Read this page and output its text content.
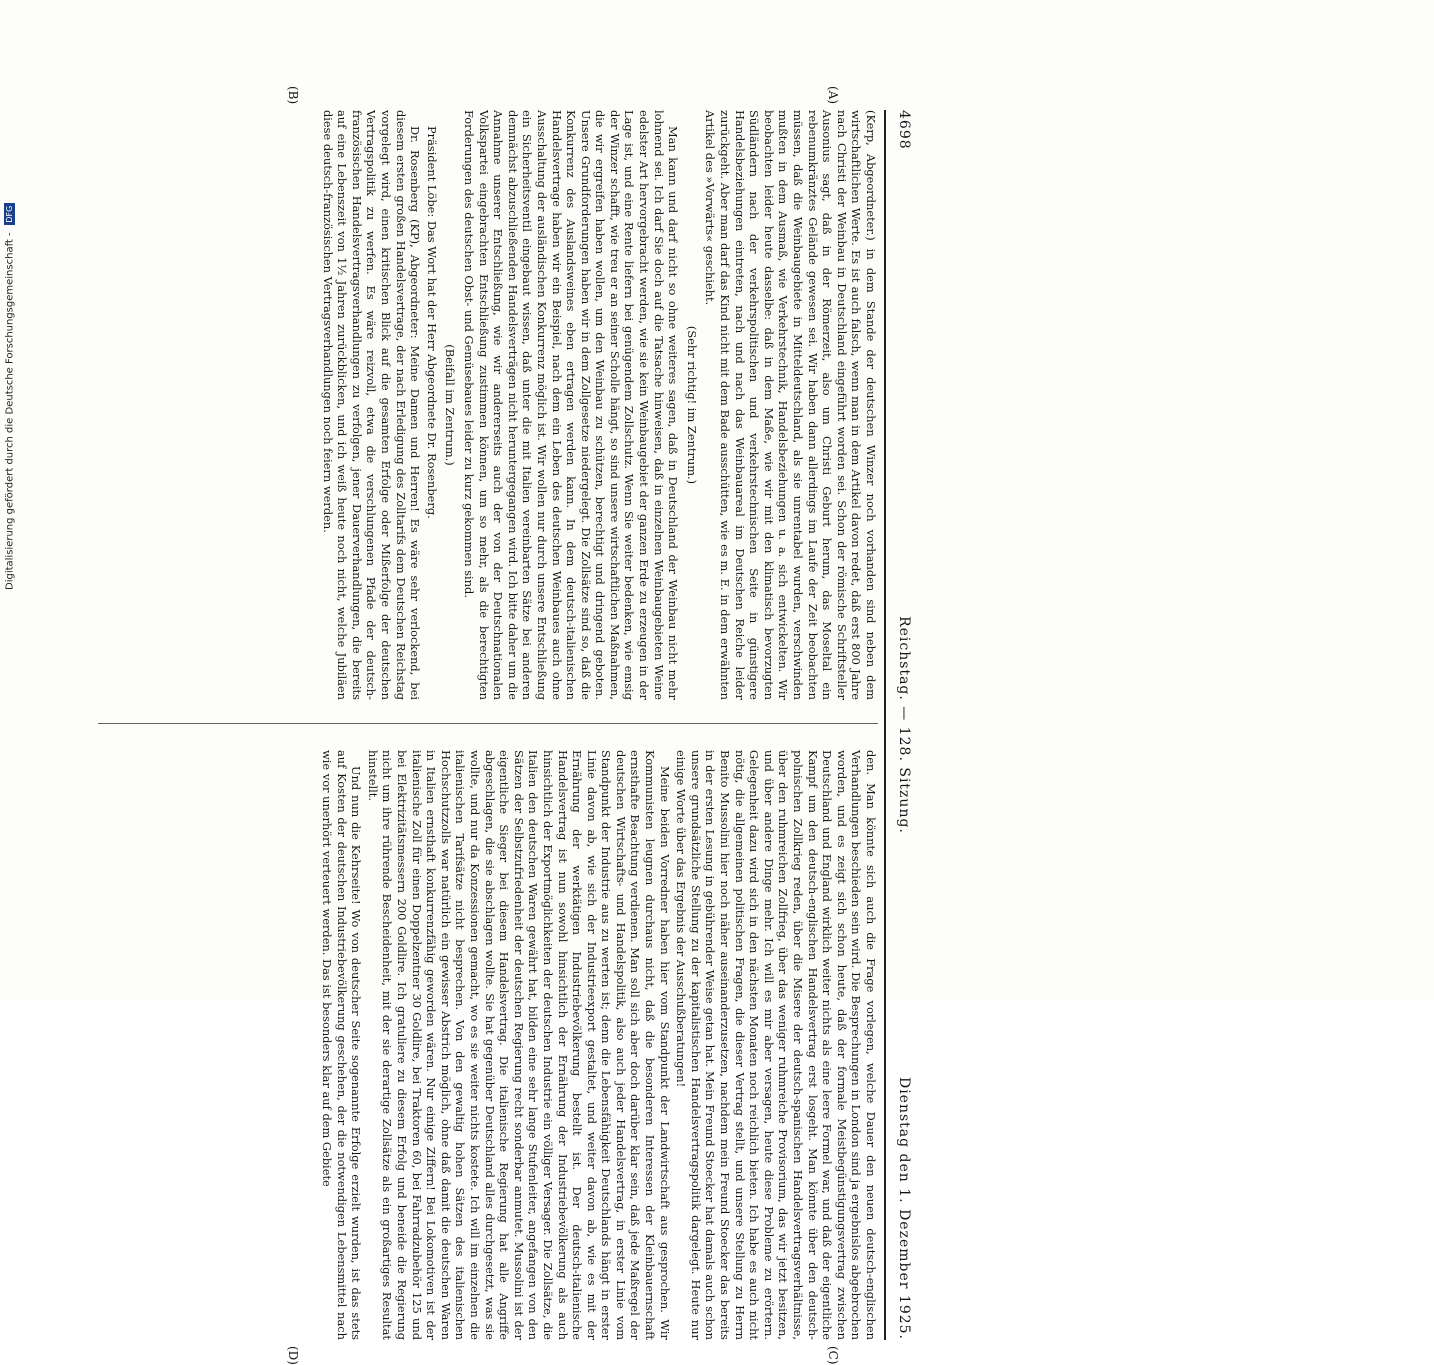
4698
Reichstag. — 128. Sitzung.
Dienstag den 1. Dezember 1925.
(A)
(B)
(C)
(D)

(Kerp, Abgeordneter.) in dem Stande der deutschen Winzer noch vorhanden sind neben dem wirtschaftlichen Werte. Es ist auch falsch, wenn man in dem Artikel davon redet, daß erst 800 Jahre nach Christi der Weinbau in Deutschland eingeführt worden sei. Schon der römische Schriftsteller Ausonius sagt, daß in der Römerzeit, also um Christi Geburt herum, das Moseltal ein rebenumkränztes Gelände gewesen sei. Wir haben dann allerdings im Laufe der Zeit beobachten müssen, daß die Weinbaugebiete in Mitteldeutschland, als sie unrentabel wurden, verschwinden mußten in dem Ausmaß, wie Verkehrstechnik, Handelsbeziehungen u. a. sich entwickelten. Wir beobachten leider heute dasselbe: daß in dem Maße, wie wir mit den klimatisch bevorzugten Südländern nach der verkehrspolitischen und verkehrstechnischen Seite in günstigere Handelsbeziehungen eintreten, nach und nach das Weinbauareal im Deutschen Reiche leider zurückgeht. Aber man darf das Kind nicht mit dem Bade ausschütten, wie es m. E. in dem erwähnten Artikel des »Vorwärts« geschieht.

(Sehr richtig! im Zentrum.)

Man kann und darf nicht so ohne weiteres sagen, daß in Deutschland der Weinbau nicht mehr lohnend sei. Ich darf Sie doch auf die Tatsache hinweisen, daß in einzelnen Weinbaugebieten Weine edelster Art hervorgebracht werden, wie sie kein Weinbaugebiet der ganzen Erde zu erzeugen in der Lage ist, und eine Rente liefern bei genügendem Zollschutz. Wenn Sie weiter bedenken, wie emsig der Winzer schafft, wie treu er an seiner Scholle hängt, so sind unsere wirtschaftlichen Maßnahmen, die wir ergreifen haben wollen, um den Weinbau zu schützen, berechtigt und dringend geboten. Unsere Grundforderungen haben wir in dem Zollgesetze niedergelegt. Die Zollsätze sind so, daß die Konkurrenz des Auslandsweines eben ertragen werden kann. In dem deutsch-italienischen Handelsvertrage haben wir ein Beispiel, nach dem ein Leben des deutschen Weinbaues auch ohne Ausschaltung der ausländischen Konkurrenz möglich ist. Wir wollen nur durch unsere Entschließung ein Sicherheitsventil eingebaut wissen, daß unter die mit Italien vereinbarten Sätze bei anderen demnächst abzuschließenden Handelsverträgen nicht heruntergegangen wird. Ich bitte daher um die Annahme unserer Entschließung, wie wir andererseits auch der von der Deutschnationalen Volkspartei eingebrachten Entschließung zustimmen können, um so mehr, als die berechtigten Forderungen des deutschen Obst- und Gemüsebaues leider zu kurz gekommen sind.

(Beifall im Zentrum.)

Präsident Löbe: Das Wort hat der Herr Abgeordnete Dr. Rosenberg.

Dr. Rosenberg (KP), Abgeordneter: Meine Damen und Herren! Es wäre sehr verlockend, bei diesem ersten großen Handelsvertrage, der nach Erledigung des Zolltarifs dem Deutschen Reichstag vorgelegt wird, einen kritischen Blick auf die gesamten Erfolge oder Mißerfolge der deutschen Vertragspolitik zu werfen. Es wäre reizvoll, etwa die verschlungenen Pfade der deutsch-französischen Handelsvertragsverhandlungen zu verfolgen, jener Dauerverhandlungen, die bereits auf eine Lebenszeit von 1½ Jahren zurückblicken, und ich weiß heute noch nicht, welche Jubiläen diese deutsch-französischen Vertragsverhandlungen noch feiern werden.

den. Man könnte sich auch die Frage vorlegen, welche Dauer den neuen deutsch-englischen Verhandlungen beschieden sein wird. Die Besprechungen in London sind ja ergebnislos abgebrochen worden, und es zeigt sich schon heute, daß der formale Meistbegünstigungsvertrag zwischen Deutschland und England wirklich weiter nichts als eine leere Formel war, und daß der eigentliche Kampf um den deutsch-englischen Handelsvertrag erst losgeht. Man könnte über den deutsch-polnischen Zollkrieg reden, über die Misere der deutsch-spanischen Handelsvertragsverhältnisse, über den ruhmreichen Zollfrieg, über das weniger ruhmreiche Provisorium, das wir jetzt besitzen, und über andere Dinge mehr. Ich will es mir aber versagen, heute diese Probleme zu erörtern. Gelegenheit dazu wird sich in den nächsten Monaten noch reichlich bieten. Ich habe es auch nicht nötig, die allgemeinen politischen Fragen, die dieser Vertrag stellt, und unsere Stellung zu Herrn Benito Mussolini hier noch näher auseinanderzusetzen, nachdem mein Freund Stoecker das bereits in der ersten Lesung in gebührender Weise getan hat. Mein Freund Stoecker hat damals auch schon unsere grundsätzliche Stellung zu der kapitalistischen Handelsvertragspolitik dargelegt. Heute nur einige Worte über das Ergebnis der Ausschußberatungen!

Meine beiden Vorredner haben hier vom Standpunkt der Landwirtschaft aus gesprochen. Wir Kommunisten leugnen durchaus nicht, daß die besonderen Interessen der Kleinbauernschaft ernsthafte Beachtung verdienen. Man soll sich aber doch darüber klar sein, daß jede Maßregel der deutschen Wirtschafts- und Handelspolitik, also auch jeder Handelsvertrag, in erster Linie vom Standpunkt der Industrie aus zu werten ist; denn die Lebensfähigkeit Deutschlands hängt in erster Linie davon ab, wie sich der Industrieexport gestaltet, und weiter davon ab, wie es mit der Ernährung der werktätigen Industriebevölkerung bestellt ist. Der deutsch-italienische Handelsvertrag ist nun sowohl hinsichtlich der Ernährung der Industriebevölkerung als auch hinsichtlich der Exportmöglichkeiten der deutschen Industrie ein völliger Versager. Die Zollsätze, die Italien den deutschen Waren gewährt hat, bilden eine sehr lange Stufenleiter, angefangen von den Sätzen der Selbstzufriedenheit der deutschen Regierung recht sonderbar anmutet. Mussolini ist der eigentliche Sieger bei diesem Handelsvertrag. Die italienische Regierung hat alle Angriffe abgeschlagen, die sie abschlagen wollte. Sie hat gegenüber Deutschland alles durchgesetzt, was sie wollte, und nur da Konzessionen gemacht, wo es sie weiter nichts kostete. Ich will im einzelnen die italienischen Tarifsätze nicht besprechen. Von den gewaltig hohen Sätzen des italienischen Hochschutzzolls war natürlich ein gewisser Abstrich möglich, ohne daß damit die deutschen Waren in Italien ernsthaft konkurrenzfähig geworden wären. Nur einige Ziffern! Bei Lokomotiven ist der italienische Zoll für einen Doppelzentner 30 Goldlire, bei Traktoren 60, bei Fahrradzubehör 125 und bei Elektrizitätsmessern 200 Goldlire. Ich gratuliere zu diesem Erfolg und beneide die Regierung nicht um ihre rührende Bescheidenheit, mit der sie derartige Zollsätze als ein großartiges Resultat hinstellt.

Und nun die Kehrseite! Wo von deutscher Seite sogenannte Erfolge erzielt wurden, ist das stets auf Kosten der deutschen Industriebevölkerung geschehen, der die notwendigen Lebensmittel nach wie vor unerhört verteuert werden. Das ist besonders klar auf dem Gebiete

Digitalisierung gefördert durch die Deutsche Forschungsgemeinschaft - DFG
